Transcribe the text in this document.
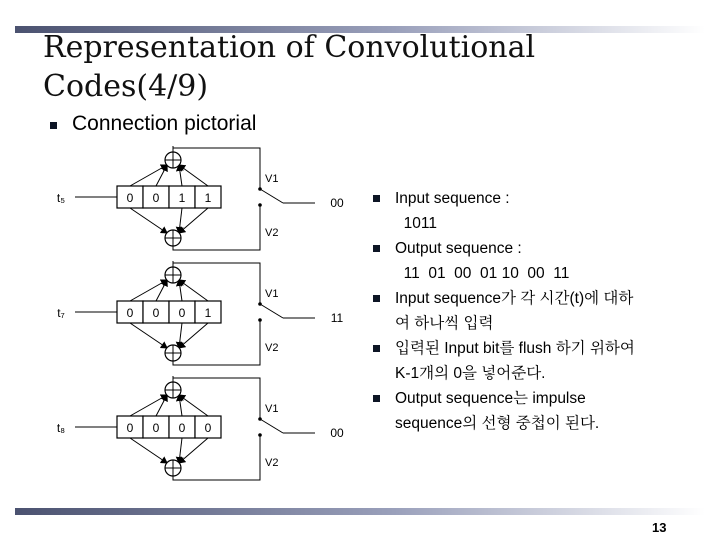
Representation of Convolutional Codes(4/9)
Connection pictorial
t₅	0 0 1 1
V1
V2
00
t₇	0 0 0 1
V1
V2
11
t₈	0 0 0 0
V1
V2
00
Input sequence :
1011
Output sequence :
11  01  00  01 10  00  11
Input sequence가 각 시간(t)에 대하
여 하나씩 입력
입력된 Input bit를 flush 하기 위하여
K-1개의 0을 넣어준다.
Output sequence는 impulse
sequence의 선형 중첩이 된다.
13
